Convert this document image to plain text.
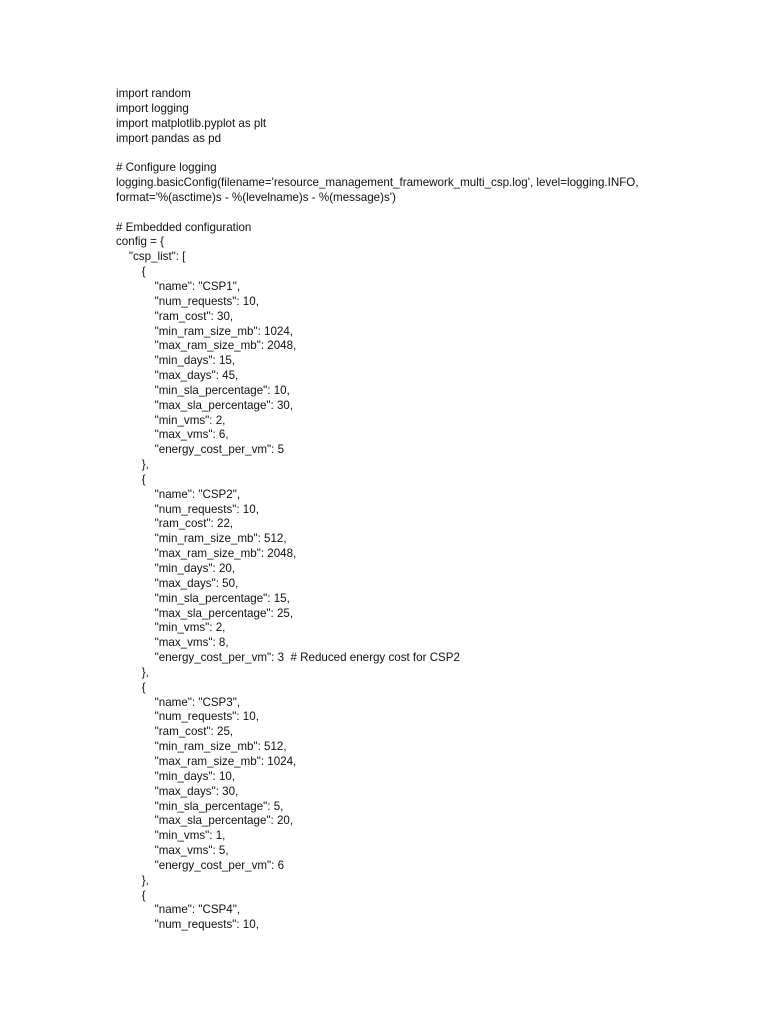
import random
import logging
import matplotlib.pyplot as plt
import pandas as pd
# Configure logging
logging.basicConfig(filename='resource_management_framework_multi_csp.log', level=logging.INFO,
format='%(asctime)s - %(levelname)s - %(message)s')
# Embedded configuration
config = {
"csp_list": [
{
"name": "CSP1",
"num_requests": 10,
"ram_cost": 30,
"min_ram_size_mb": 1024,
"max_ram_size_mb": 2048,
"min_days": 15,
"max_days": 45,
"min_sla_percentage": 10,
"max_sla_percentage": 30,
"min_vms": 2,
"max_vms": 6,
"energy_cost_per_vm": 5
},
{
"name": "CSP2",
"num_requests": 10,
"ram_cost": 22,
"min_ram_size_mb": 512,
"max_ram_size_mb": 2048,
"min_days": 20,
"max_days": 50,
"min_sla_percentage": 15,
"max_sla_percentage": 25,
"min_vms": 2,
"max_vms": 8,
"energy_cost_per_vm": 3  # Reduced energy cost for CSP2
},
{
"name": "CSP3",
"num_requests": 10,
"ram_cost": 25,
"min_ram_size_mb": 512,
"max_ram_size_mb": 1024,
"min_days": 10,
"max_days": 30,
"min_sla_percentage": 5,
"max_sla_percentage": 20,
"min_vms": 1,
"max_vms": 5,
"energy_cost_per_vm": 6
},
{
"name": "CSP4",
"num_requests": 10,
